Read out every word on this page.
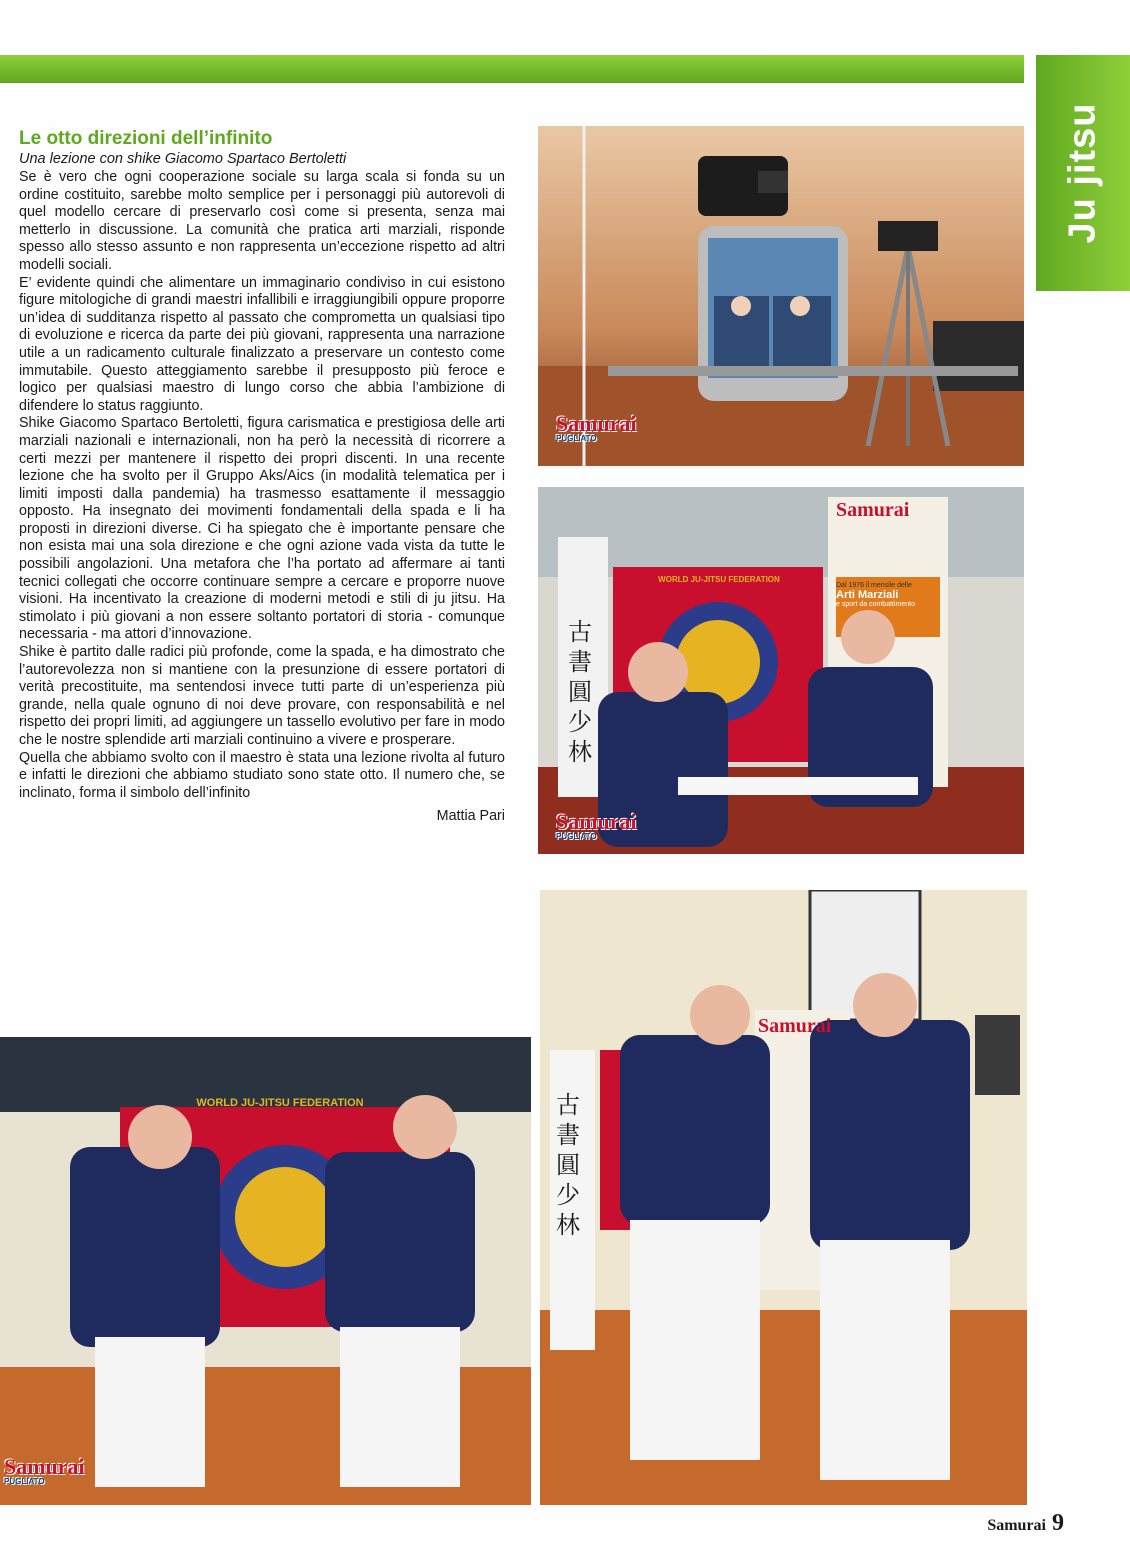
Ju jitsu
Le otto direzioni dell’infinito

Una lezione con shike Giacomo Spartaco Bertoletti

Se è vero che ogni cooperazione sociale su larga scala si fonda su un ordine costituito, sarebbe molto semplice per i personaggi più autorevoli di quel modello cercare di preservarlo così come si presenta, senza mai metterlo in discussione. La comunità che pratica arti marziali, risponde spesso allo stesso assunto e non rappresenta un’eccezione rispetto ad altri modelli sociali.

E’ evidente quindi che alimentare un immaginario condiviso in cui esistono figure mitologiche di grandi maestri infallibili e irraggiungibili oppure proporre un’idea di sudditanza rispetto al passato che comprometta un qualsiasi tipo di evoluzione e ricerca da parte dei più giovani, rappresenta una narrazione utile a un radicamento culturale finalizzato a preservare un contesto come immutabile. Questo atteggiamento sarebbe il presupposto più feroce e logico per qualsiasi maestro di lungo corso che abbia l’ambizione di difendere lo status raggiunto.

Shike Giacomo Spartaco Bertoletti, figura carismatica e prestigiosa delle arti marziali nazionali e internazionali, non ha però la necessità di ricorrere a certi mezzi per mantenere il rispetto dei propri discenti. In una recente lezione che ha svolto per il Gruppo Aks/Aics (in modalità telematica per i limiti imposti dalla pandemia) ha trasmesso esattamente il messaggio opposto. Ha insegnato dei movimenti fondamentali della spada e li ha proposti in direzioni diverse. Ci ha spiegato che è importante pensare che non esista mai una sola direzione e che ogni azione vada vista da tutte le possibili angolazioni. Una metafora che l’ha portato ad affermare ai tanti tecnici collegati che occorre continuare sempre a cercare e proporre nuove visioni. Ha incentivato la creazione di moderni metodi e stili di ju jitsu. Ha stimolato i più giovani a non essere soltanto portatori di storia - comunque necessaria - ma attori d’innovazione.

Shike è partito dalle radici più profonde, come la spada, e ha dimostrato che l’autorevolezza non si mantiene con la presunzione di essere portatori di verità precostituite, ma sentendosi invece tutti parte di un’esperienza più grande, nella quale ognuno di noi deve provare, con responsabilità e nel rispetto dei propri limiti, ad aggiungere un tassello evolutivo per fare in modo che le nostre splendide arti marziali continuino a vivere e prosperare.

Quella che abbiamo svolto con il maestro è stata una lezione rivolta al futuro e infatti le direzioni che abbiamo studiato sono state otto. Il numero che, se inclinato, forma il simbolo dell’infinito

Mattia Pari
Samurai
PUGLIATO
Samurai
Dal 1976 il mensile delle
Arti Marziali
e sport da combattimento
WORLD JU-JITSU FEDERATION
古書圓少林
Samurai
PUGLIATO
WORLD JU-JITSU FEDERATION
Samurai
PUGLIATO
Samurai
古書圓少林
Samurai 9
